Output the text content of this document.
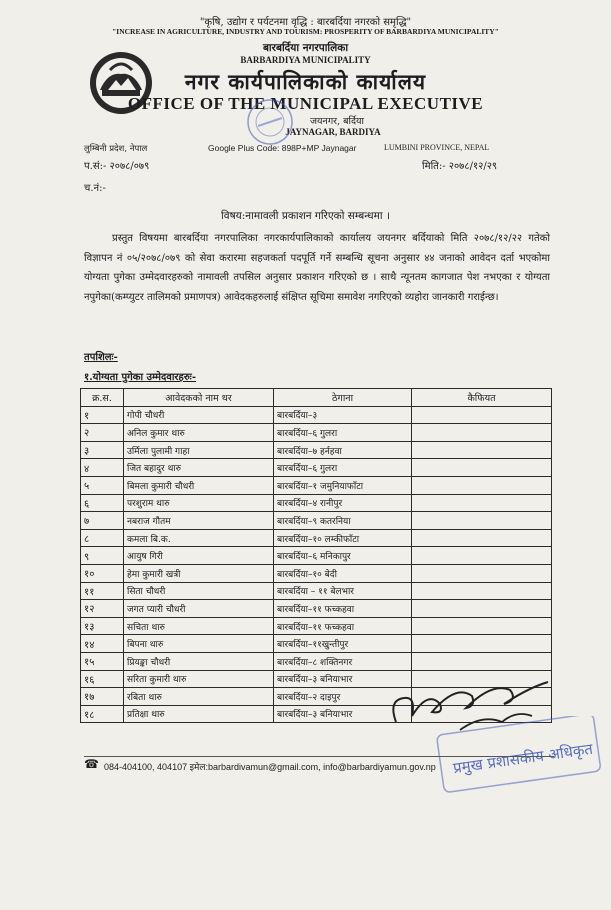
"कृषि, उद्योग र पर्यटनमा वृद्धि : बारबर्दिया नगरको समृद्धि"
"INCREASE IN AGRICULTURE, INDUSTRY AND TOURISM: PROSPERITY OF BARBARDIYA MUNICIPALITY"
बारबर्दिया नगरपालिका
BARBARDIYA MUNICIPALITY
नगर कार्यपालिकाको कार्यालय
OFFICE OF THE MUNICIPAL EXECUTIVE
जयनगर, बर्दिया
JAYNAGAR, BARDIYA
लुम्बिनी प्रदेश, नेपाल	Google Plus Code: 898P+MP Jaynagar	LUMBINI PROVINCE, NEPAL
प.सं:- २०७८/०७९	मिति:- २०७८/१२/२९
च.नं:-
विषय:नामावली प्रकाशन गरिएको सम्बन्धमा ।
प्रस्तुत विषयमा बारबर्दिया नगरपालिका नगरकार्यपालिकाको कार्यालय जयनगर बर्दियाको मिति २०७८/१२/२२ गतेको विज्ञापन नं ०५/२०७८/०७९ को सेवा करारमा सहजकर्ता पदपूर्ति गर्ने सम्बन्धि सूचना अनुसार ४४ जनाको आवेदन दर्ता भएकोमा योग्यता पुगेका उम्मेदवारहरुको नामावली तपसिल अनुसार प्रकाशन गरिएको छ । साथै न्यूनतम कागजात पेश नभएका र योग्यता नपुगेका(कम्प्युटर तालिमको प्रमाणपत्र) आवेदकहरुलाई संक्षिप्त सूचिमा समावेश नगरिएको व्यहोरा जानकारी गराईन्छ।
तपशिलः-
१.योग्यता पुगेका उम्मेदवारहरुः-
क्र.स.	आवेदकको नाम थर	ठेगाना	कैफियत
१	गोपी चौधरी	बारबर्दिया–३	
२	अनिल कुमार थारु	बारबर्दिया–६ गुलरा	
३	उर्मिला पुलामी गाहा	बारबर्दिया–७ हर्नहवा	
४	जित बहादुर थारु	बारबर्दिया–६ गुलरा	
५	बिमला कुमारी चौधरी	बारबर्दिया–१ जमुनियाफाँटा	
६	परशुराम थारु	बारबर्दिया–४ रानीपुर	
७	नबराज गौतम	बारबर्दिया–९ कतरनिया	
८	कमला बि.क.	बारबर्दिया–१० लम्कीफाँटा	
९	आयुष गिरी	बारबर्दिया–६ मनिकापुर	
१०	हेमा कुमारी खत्री	बारबर्दिया–१० बेदी	
११	सिता चौधरी	बारबर्दिया – ११ बेलभार	
१२	जगत प्यारी चौधरी	बारबर्दिया–११ फच्कहवा	
१३	सचिता थारु	बारबर्दिया–११ फच्कहवा	
१४	बिपना थारु	बारबर्दिया–११खुन्तीपुर	
१५	प्रियङ्का चौधरी	बारबर्दिया–८ शक्तिनगर	
१६	सरिता कुमारी थारु	बारबर्दिया–३ बनियाभार	
१७	रबिता थारु	बारबर्दिया–२ दाइपुर	
१८	प्रतिक्षा थारु	बारबर्दिया–३ बनियाभार	
प्रमुख प्रशासकीय अधिकृत
☎ 084-404100, 404107 इमेल:barbardivamun@gmail.com, info@barbardiyamun.gov.np
